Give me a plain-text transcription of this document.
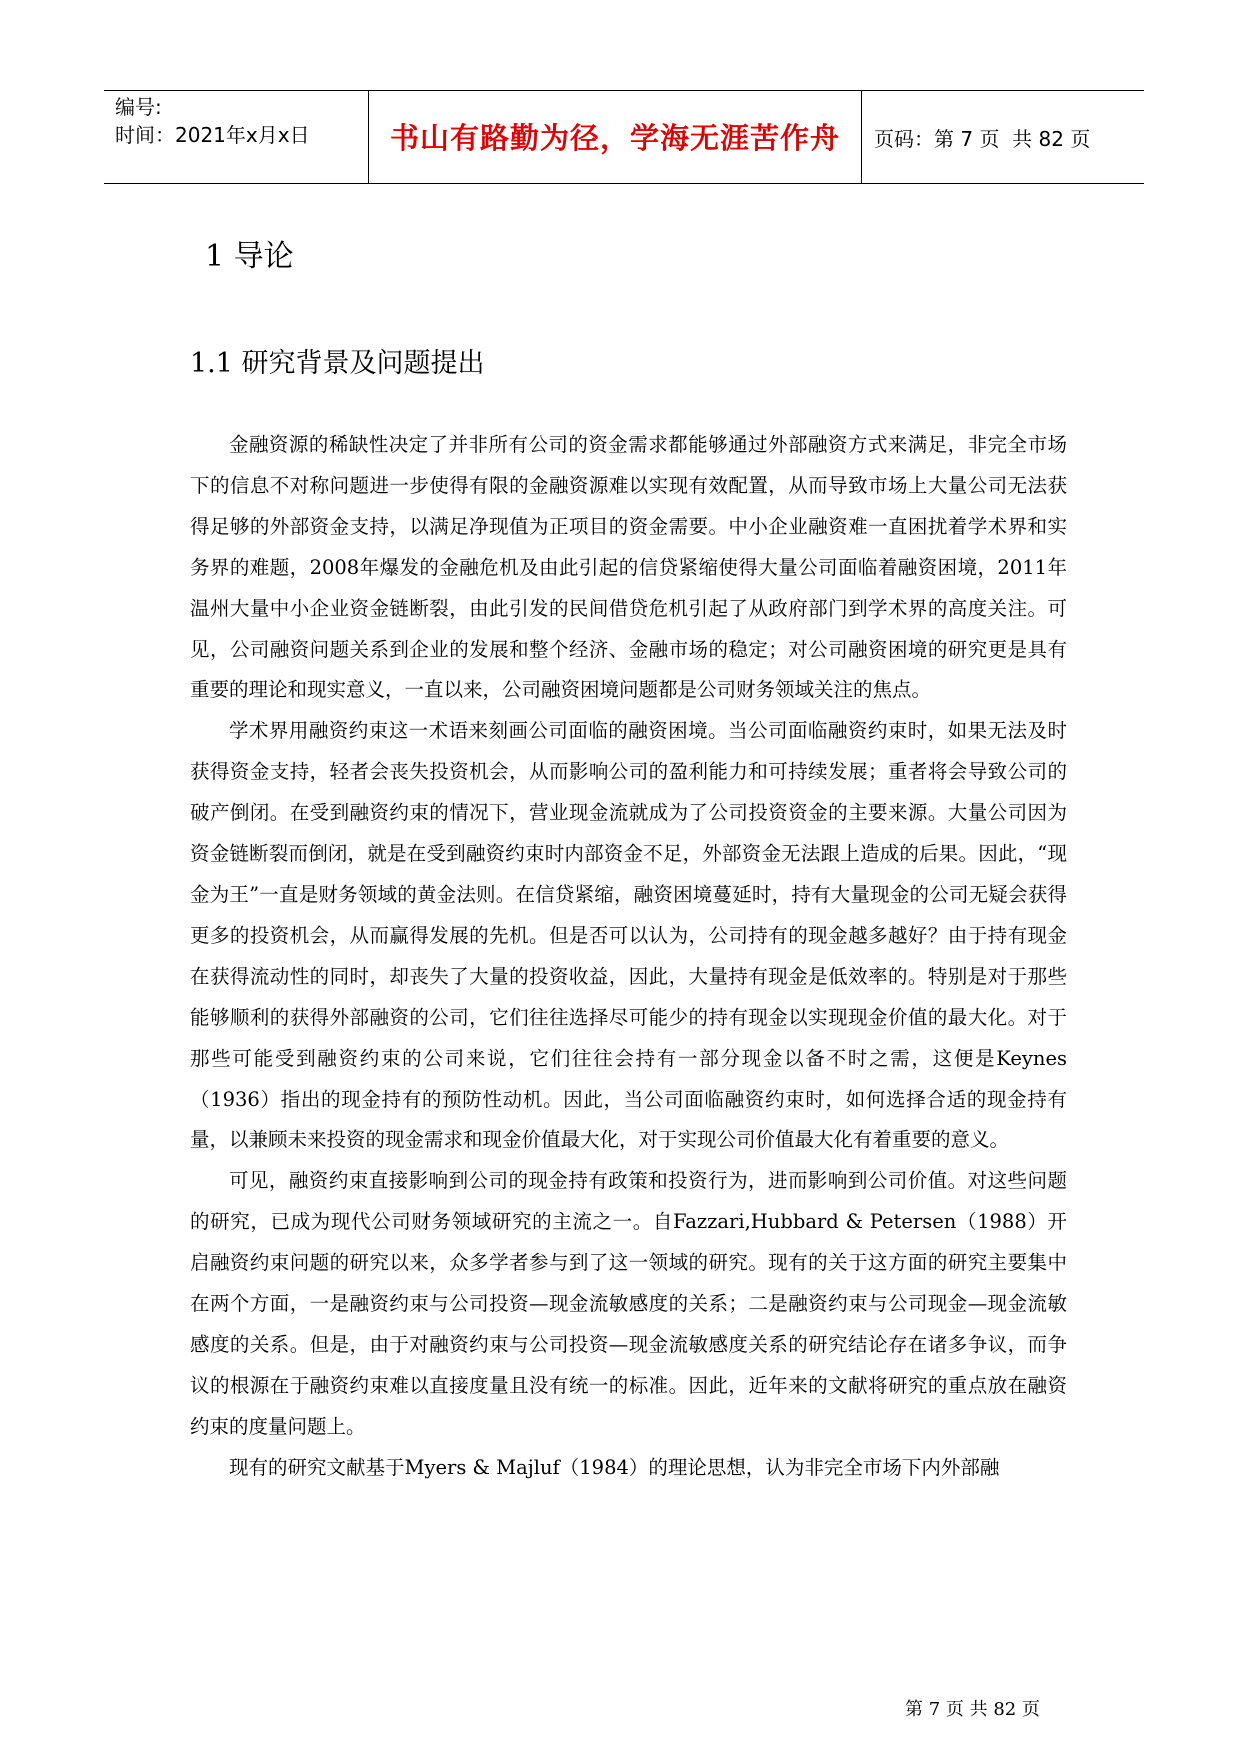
编号:
时间：2021年x月x日	书山有路勤为径，学海无涯苦作舟	页码：第 7 页  共 82 页
1 导论
1.1 研究背景及问题提出

金融资源的稀缺性决定了并非所有公司的资金需求都能够通过外部融资方式来满足，非完全市场下的信息不对称问题进一步使得有限的金融资源难以实现有效配置，从而导致市场上大量公司无法获得足够的外部资金支持，以满足净现值为正项目的资金需要。中小企业融资难一直困扰着学术界和实务界的难题，2008年爆发的金融危机及由此引起的信贷紧缩使得大量公司面临着融资困境，2011年温州大量中小企业资金链断裂，由此引发的民间借贷危机引起了从政府部门到学术界的高度关注。可见，公司融资问题关系到企业的发展和整个经济、金融市场的稳定；对公司融资困境的研究更是具有重要的理论和现实意义，一直以来，公司融资困境问题都是公司财务领域关注的焦点。

学术界用融资约束这一术语来刻画公司面临的融资困境。当公司面临融资约束时，如果无法及时获得资金支持，轻者会丧失投资机会，从而影响公司的盈利能力和可持续发展；重者将会导致公司的破产倒闭。在受到融资约束的情况下，营业现金流就成为了公司投资资金的主要来源。大量公司因为资金链断裂而倒闭，就是在受到融资约束时内部资金不足，外部资金无法跟上造成的后果。因此，“现金为王”一直是财务领域的黄金法则。在信贷紧缩，融资困境蔓延时，持有大量现金的公司无疑会获得更多的投资机会，从而赢得发展的先机。但是否可以认为，公司持有的现金越多越好？由于持有现金在获得流动性的同时，却丧失了大量的投资收益，因此，大量持有现金是低效率的。特别是对于那些能够顺利的获得外部融资的公司，它们往往选择尽可能少的持有现金以实现现金价值的最大化。对于那些可能受到融资约束的公司来说，它们往往会持有一部分现金以备不时之需，这便是Keynes（1936）指出的现金持有的预防性动机。因此，当公司面临融资约束时，如何选择合适的现金持有量，以兼顾未来投资的现金需求和现金价值最大化，对于实现公司价值最大化有着重要的意义。

可见，融资约束直接影响到公司的现金持有政策和投资行为，进而影响到公司价值。对这些问题的研究，已成为现代公司财务领域研究的主流之一。自Fazzari,Hubbard & Petersen（1988）开启融资约束问题的研究以来，众多学者参与到了这一领域的研究。现有的关于这方面的研究主要集中在两个方面，一是融资约束与公司投资—现金流敏感度的关系；二是融资约束与公司现金—现金流敏感度的关系。但是，由于对融资约束与公司投资—现金流敏感度关系的研究结论存在诸多争议，而争议的根源在于融资约束难以直接度量且没有统一的标准。因此，近年来的文献将研究的重点放在融资约束的度量问题上。

现有的研究文献基于Myers & Majluf（1984）的理论思想，认为非完全市场下内外部融

第 7 页 共 82 页
